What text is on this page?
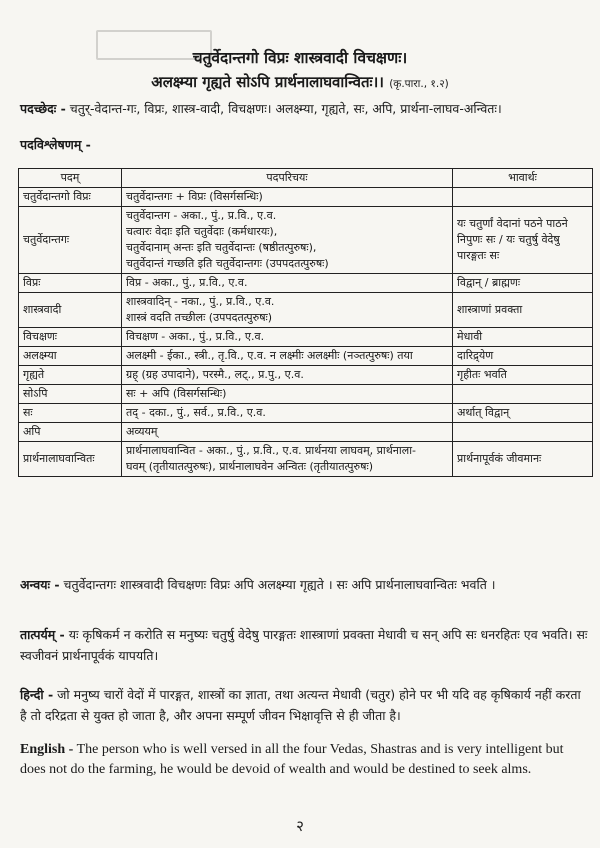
चतुर्वेदान्तगो विप्रः शास्त्रवादी विचक्षणः।
अलक्ष्म्या गृह्यते सोऽपि प्रार्थनालाघवान्वितः।। (कृ.पारा., १.२)
पदच्छेदः - चतुर्-वेदान्त-गः, विप्रः, शास्त्र-वादी, विचक्षणः। अलक्ष्म्या, गृह्यते, सः, अपि, प्रार्थना-लाघव-अन्वितः।
पदविश्लेषणम् -
पदम्	पदपरिचयः	भावार्थः
चतुर्वेदान्तगो विप्रः	चतुर्वेदान्तगः + विप्रः (विसर्गसन्धिः)	

चतुर्वेदान्तगः	चतुर्वेदान्तग - अका., पुं., प्र.वि., ए.व.
चत्वारः वेदाः इति चतुर्वेदाः (कर्मधारयः),
चतुर्वेदानाम् अन्तः इति चतुर्वेदान्तः (षष्ठीतत्पुरुषः),
चतुर्वेदान्तं गच्छति इति चतुर्वेदान्तगः (उपपदतत्पुरुषः)	यः चतुर्णां वेदानां पठने पाठने निपुणः सः / यः चतुर्षु वेदेषु पारङ्गतः सः
विप्रः	विप्र - अका., पुं., प्र.वि., ए.व.	विद्वान् / ब्राह्मणः
शास्त्रवादी	शास्त्रवादिन् - नका., पुं., प्र.वि., ए.व.
शास्त्रं वदति तच्छीलः (उपपदतत्पुरुषः)	शास्त्राणां प्रवक्ता
विचक्षणः	विचक्षण - अका., पुं., प्र.वि., ए.व.	मेधावी
अलक्ष्म्या	अलक्ष्मी - ईका., स्त्री., तृ.वि., ए.व. न लक्ष्मीः अलक्ष्मीः (नञ्तत्पुरुषः) तया	दारिद्र्येण
गृह्यते	ग्रह् (ग्रह उपादाने), परस्मै., लट्., प्र.पु., ए.व.	गृहीतः भवति
सोऽपि	सः + अपि (विसर्गसन्धिः)	

सः	तद् - दका., पुं., सर्व., प्र.वि., ए.व.	अर्थात् विद्वान्
अपि	अव्ययम्	

प्रार्थनालाघवान्वितः	प्रार्थनालाघवान्वित - अका., पुं., प्र.वि., ए.व. प्रार्थनया लाघवम्, प्रार्थनाला-
घवम् (तृतीयातत्पुरुषः), प्रार्थनालाघवेन अन्वितः (तृतीयातत्पुरुषः)	प्रार्थनापूर्वकं जीवमानः
अन्वयः - चतुर्वेदान्तगः शास्त्रवादी विचक्षणः विप्रः अपि अलक्ष्म्या गृह्यते । सः अपि प्रार्थनालाघवान्वितः भवति ।
तात्पर्यम् - यः कृषिकर्म न करोति स मनुष्यः चतुर्षु वेदेषु पारङ्गतः शास्त्राणां प्रवक्ता मेधावी च सन् अपि सः धनरहितः एव भवति। सः स्वजीवनं प्रार्थनापूर्वकं यापयति।
हिन्दी - जो मनुष्य चारों वेदों में पारङ्गत, शास्त्रों का ज्ञाता, तथा अत्यन्त मेधावी (चतुर) होने पर भी यदि वह कृषिकार्य नहीं करता है तो दरिद्रता से युक्त हो जाता है, और अपना सम्पूर्ण जीवन भिक्षावृत्ति से ही जीता है।
English - The person who is well versed in all the four Vedas, Shastras and is very intelligent but does not do the farming, he would be devoid of wealth and would be destined to seek alms.
२
